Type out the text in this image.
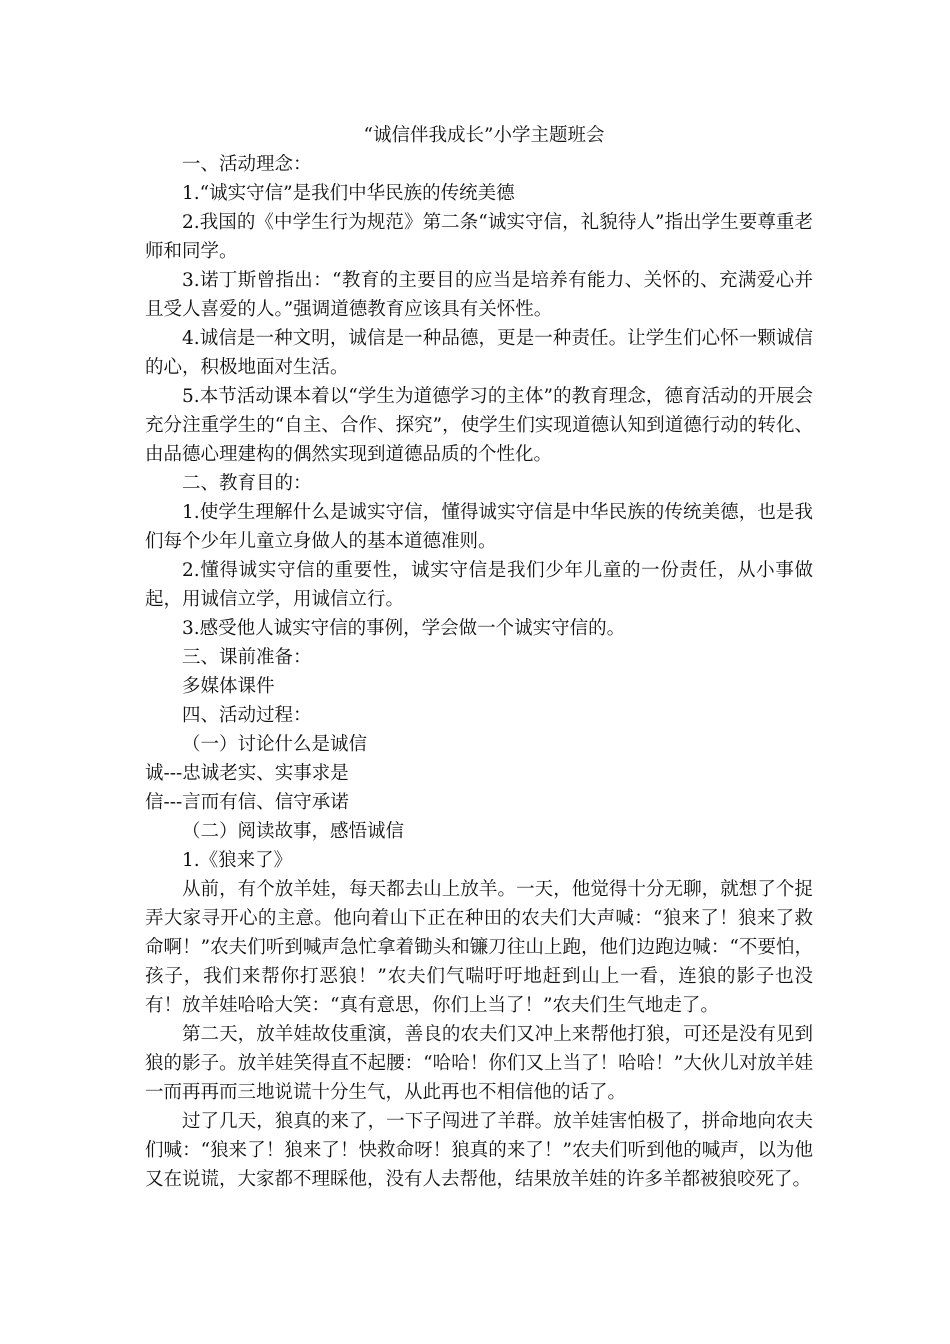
“诚信伴我成长”小学主题班会

一、活动理念：

1.“诚实守信”是我们中华民族的传统美德

2.我国的《中学生行为规范》第二条“诚实守信，礼貌待人”指出学生要尊重老师和同学。

3.诺丁斯曾指出：“教育的主要目的应当是培养有能力、关怀的、充满爱心并且受人喜爱的人。”强调道德教育应该具有关怀性。

4.诚信是一种文明，诚信是一种品德，更是一种责任。让学生们心怀一颗诚信的心，积极地面对生活。

5.本节活动课本着以“学生为道德学习的主体”的教育理念，德育活动的开展会充分注重学生的“自主、合作、探究”，使学生们实现道德认知到道德行动的转化、由品德心理建构的偶然实现到道德品质的个性化。

二、教育目的：

1.使学生理解什么是诚实守信，懂得诚实守信是中华民族的传统美德，也是我们每个少年儿童立身做人的基本道德准则。

2.懂得诚实守信的重要性，诚实守信是我们少年儿童的一份责任，从小事做起，用诚信立学，用诚信立行。

3.感受他人诚实守信的事例，学会做一个诚实守信的。

三、课前准备：

多媒体课件

四、活动过程：

（一）讨论什么是诚信

诚---忠诚老实、实事求是

信---言而有信、信守承诺

（二）阅读故事，感悟诚信

1.《狼来了》

从前，有个放羊娃，每天都去山上放羊。一天，他觉得十分无聊，就想了个捉弄大家寻开心的主意。他向着山下正在种田的农夫们大声喊：“狼来了！狼来了救命啊！”农夫们听到喊声急忙拿着锄头和镰刀往山上跑，他们边跑边喊：“不要怕，孩子，我们来帮你打恶狼！”农夫们气喘吁吁地赶到山上一看，连狼的影子也没有！放羊娃哈哈大笑：“真有意思，你们上当了！”农夫们生气地走了。

第二天，放羊娃故伎重演，善良的农夫们又冲上来帮他打狼，可还是没有见到狼的影子。放羊娃笑得直不起腰：“哈哈！你们又上当了！哈哈！”大伙儿对放羊娃一而再再而三地说谎十分生气，从此再也不相信他的话了。

过了几天，狼真的来了，一下子闯进了羊群。放羊娃害怕极了，拼命地向农夫们喊：“狼来了！狼来了！快救命呀！狼真的来了！”农夫们听到他的喊声，以为他又在说谎，大家都不理睬他，没有人去帮他，结果放羊娃的许多羊都被狼咬死了。
